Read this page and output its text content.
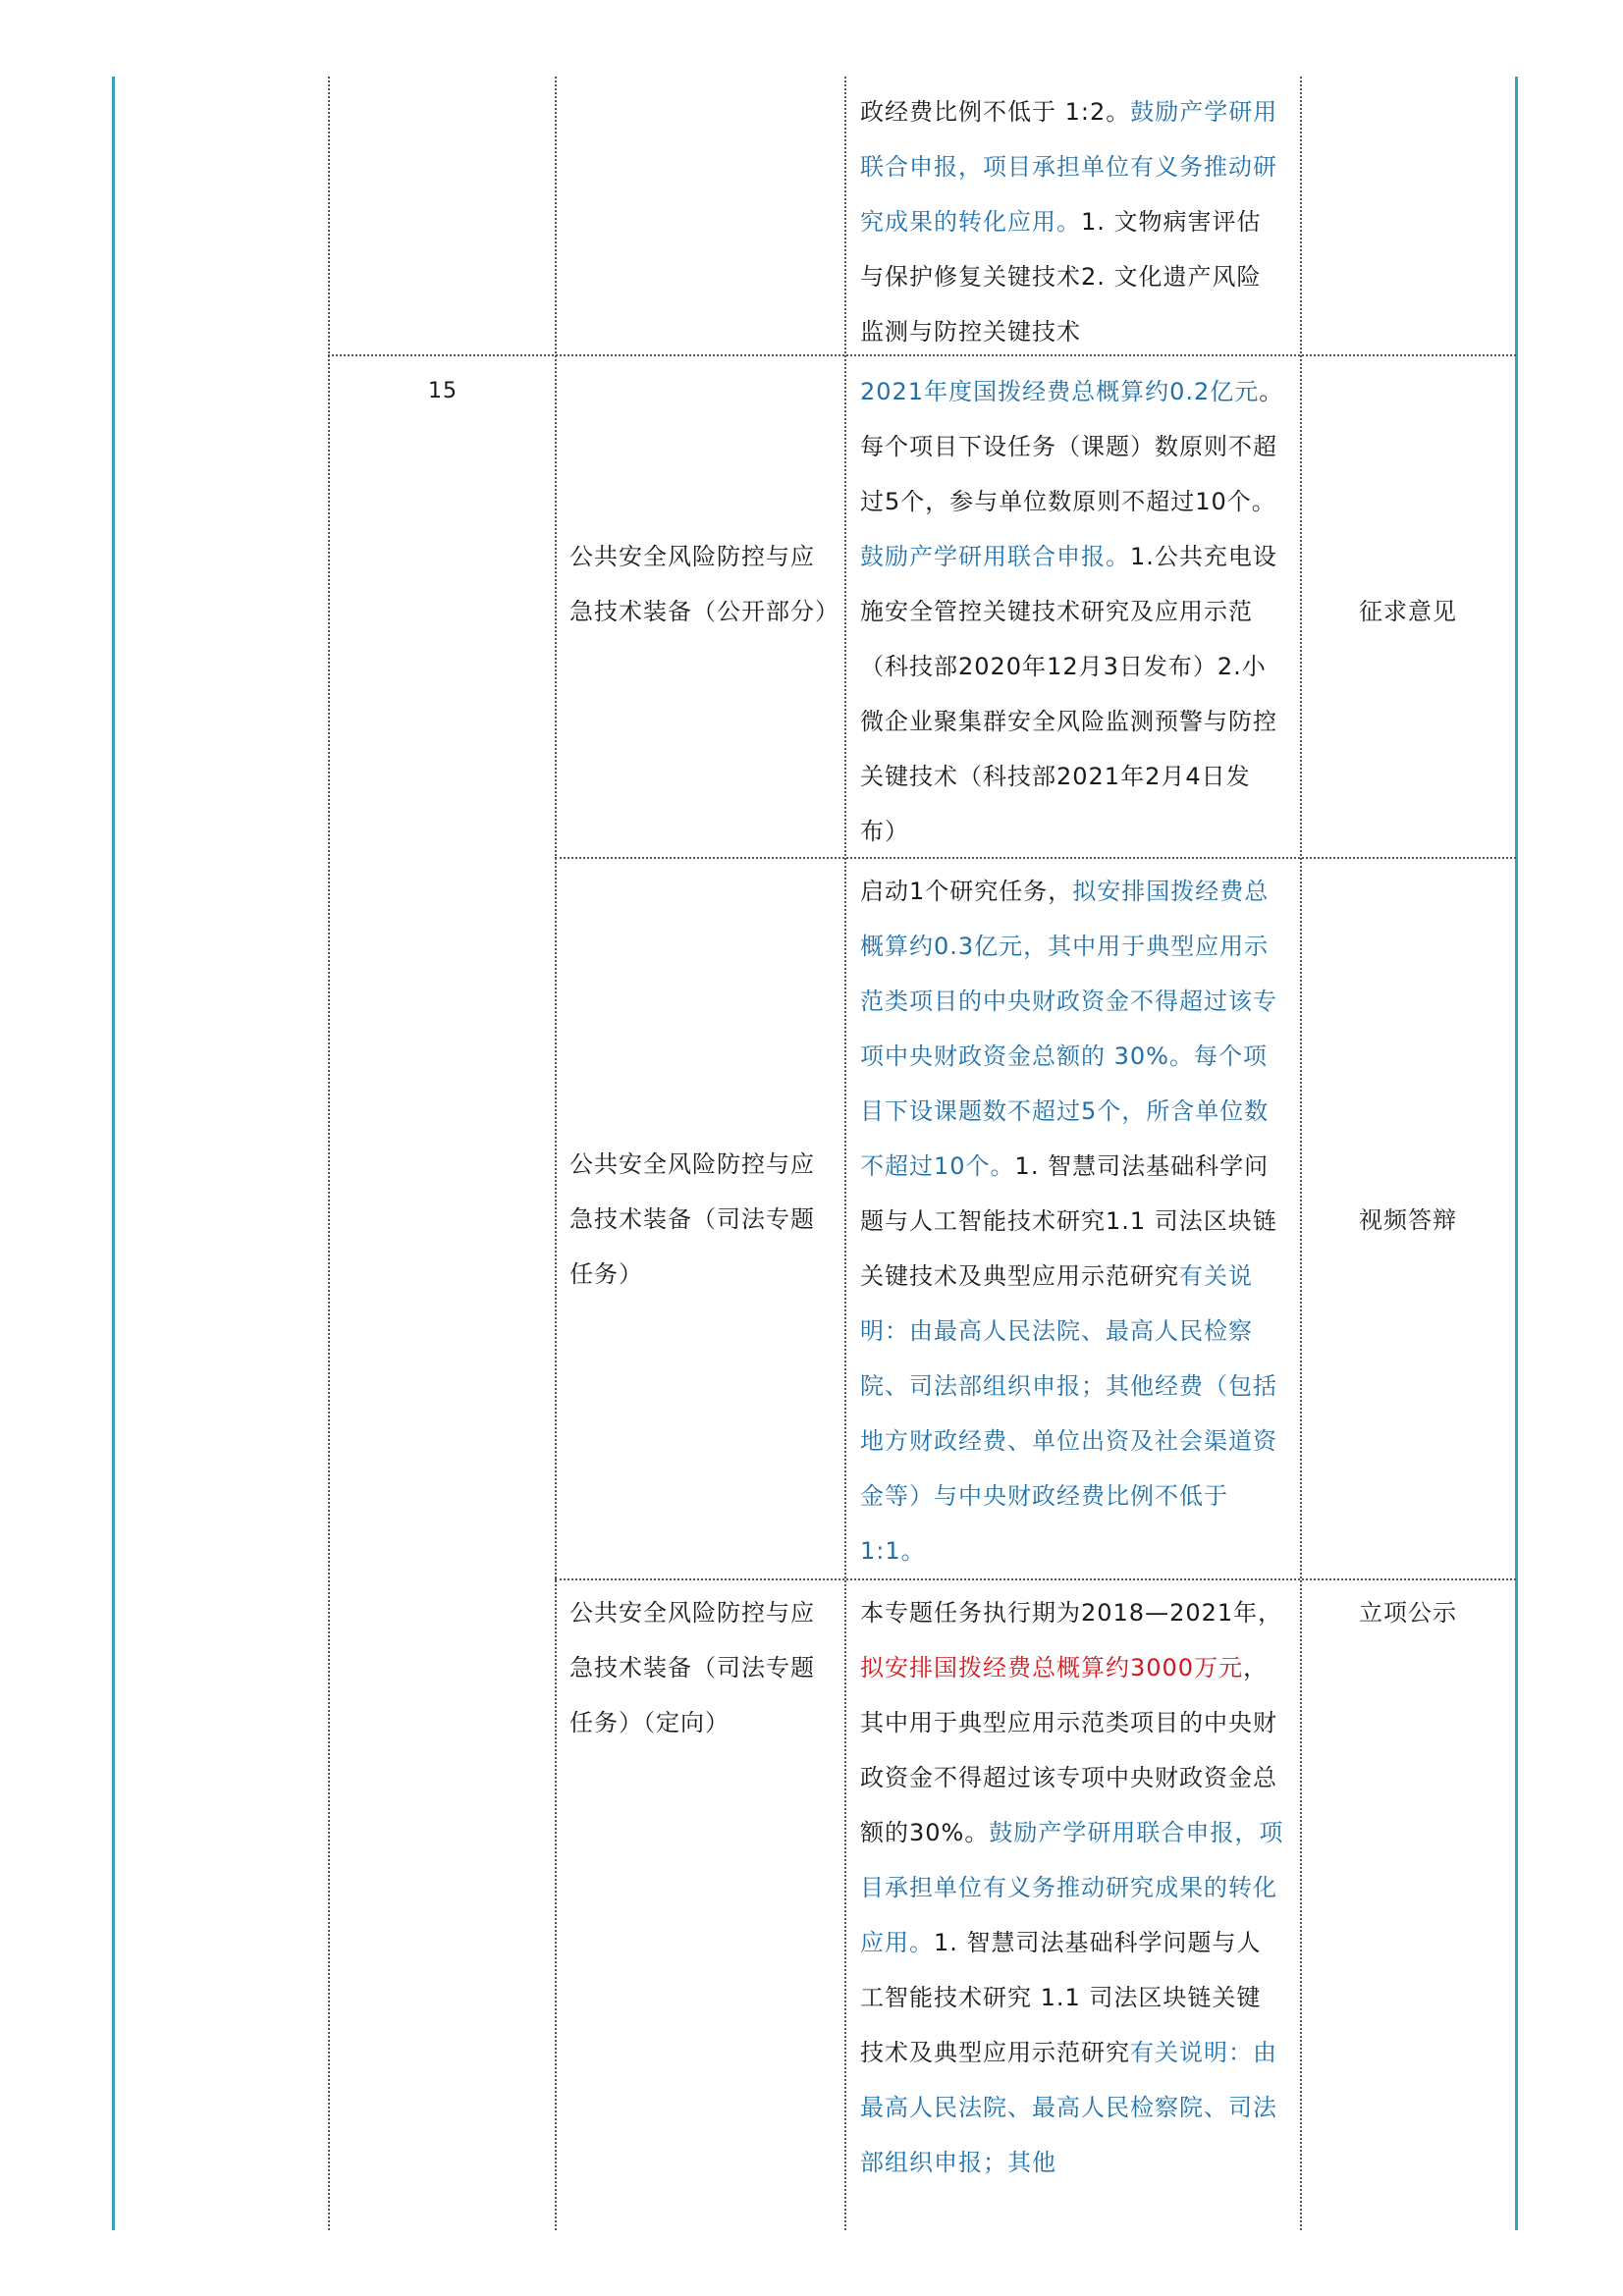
政经费比例不低于 1:2。鼓励产学研用联合申报，项目承担单位有义务推动研究成果的转化应用。1. 文物病害评估与保护修复关键技术2. 文化遗产风险监测与防控关键技术
15
公共安全风险防控与应急技术装备（公开部分）
2021年度国拨经费总概算约0.2亿元。每个项目下设任务（课题）数原则不超过5个，参与单位数原则不超过10个。鼓励产学研用联合申报。1.公共充电设施安全管控关键技术研究及应用示范（科技部2020年12月3日发布）2.小微企业聚集群安全风险监测预警与防控关键技术（科技部2021年2月4日发布）
征求意见
公共安全风险防控与应急技术装备（司法专题任务）
启动1个研究任务，拟安排国拨经费总概算约0.3亿元，其中用于典型应用示范类项目的中央财政资金不得超过该专项中央财政资金总额的 30%。每个项目下设课题数不超过5个，所含单位数不超过10个。1. 智慧司法基础科学问题与人工智能技术研究1.1 司法区块链关键技术及典型应用示范研究有关说明：由最高人民法院、最高人民检察院、司法部组织申报；其他经费（包括地方财政经费、单位出资及社会渠道资金等）与中央财政经费比例不低于1:1。
视频答辩
公共安全风险防控与应急技术装备（司法专题任务）（定向）
本专题任务执行期为2018—2021年，拟安排国拨经费总概算约3000万元，其中用于典型应用示范类项目的中央财政资金不得超过该专项中央财政资金总额的30%。鼓励产学研用联合申报，项目承担单位有义务推动研究成果的转化应用。1. 智慧司法基础科学问题与人工智能技术研究 1.1 司法区块链关键技术及典型应用示范研究有关说明：由最高人民法院、最高人民检察院、司法部组织申报；其他
立项公示
